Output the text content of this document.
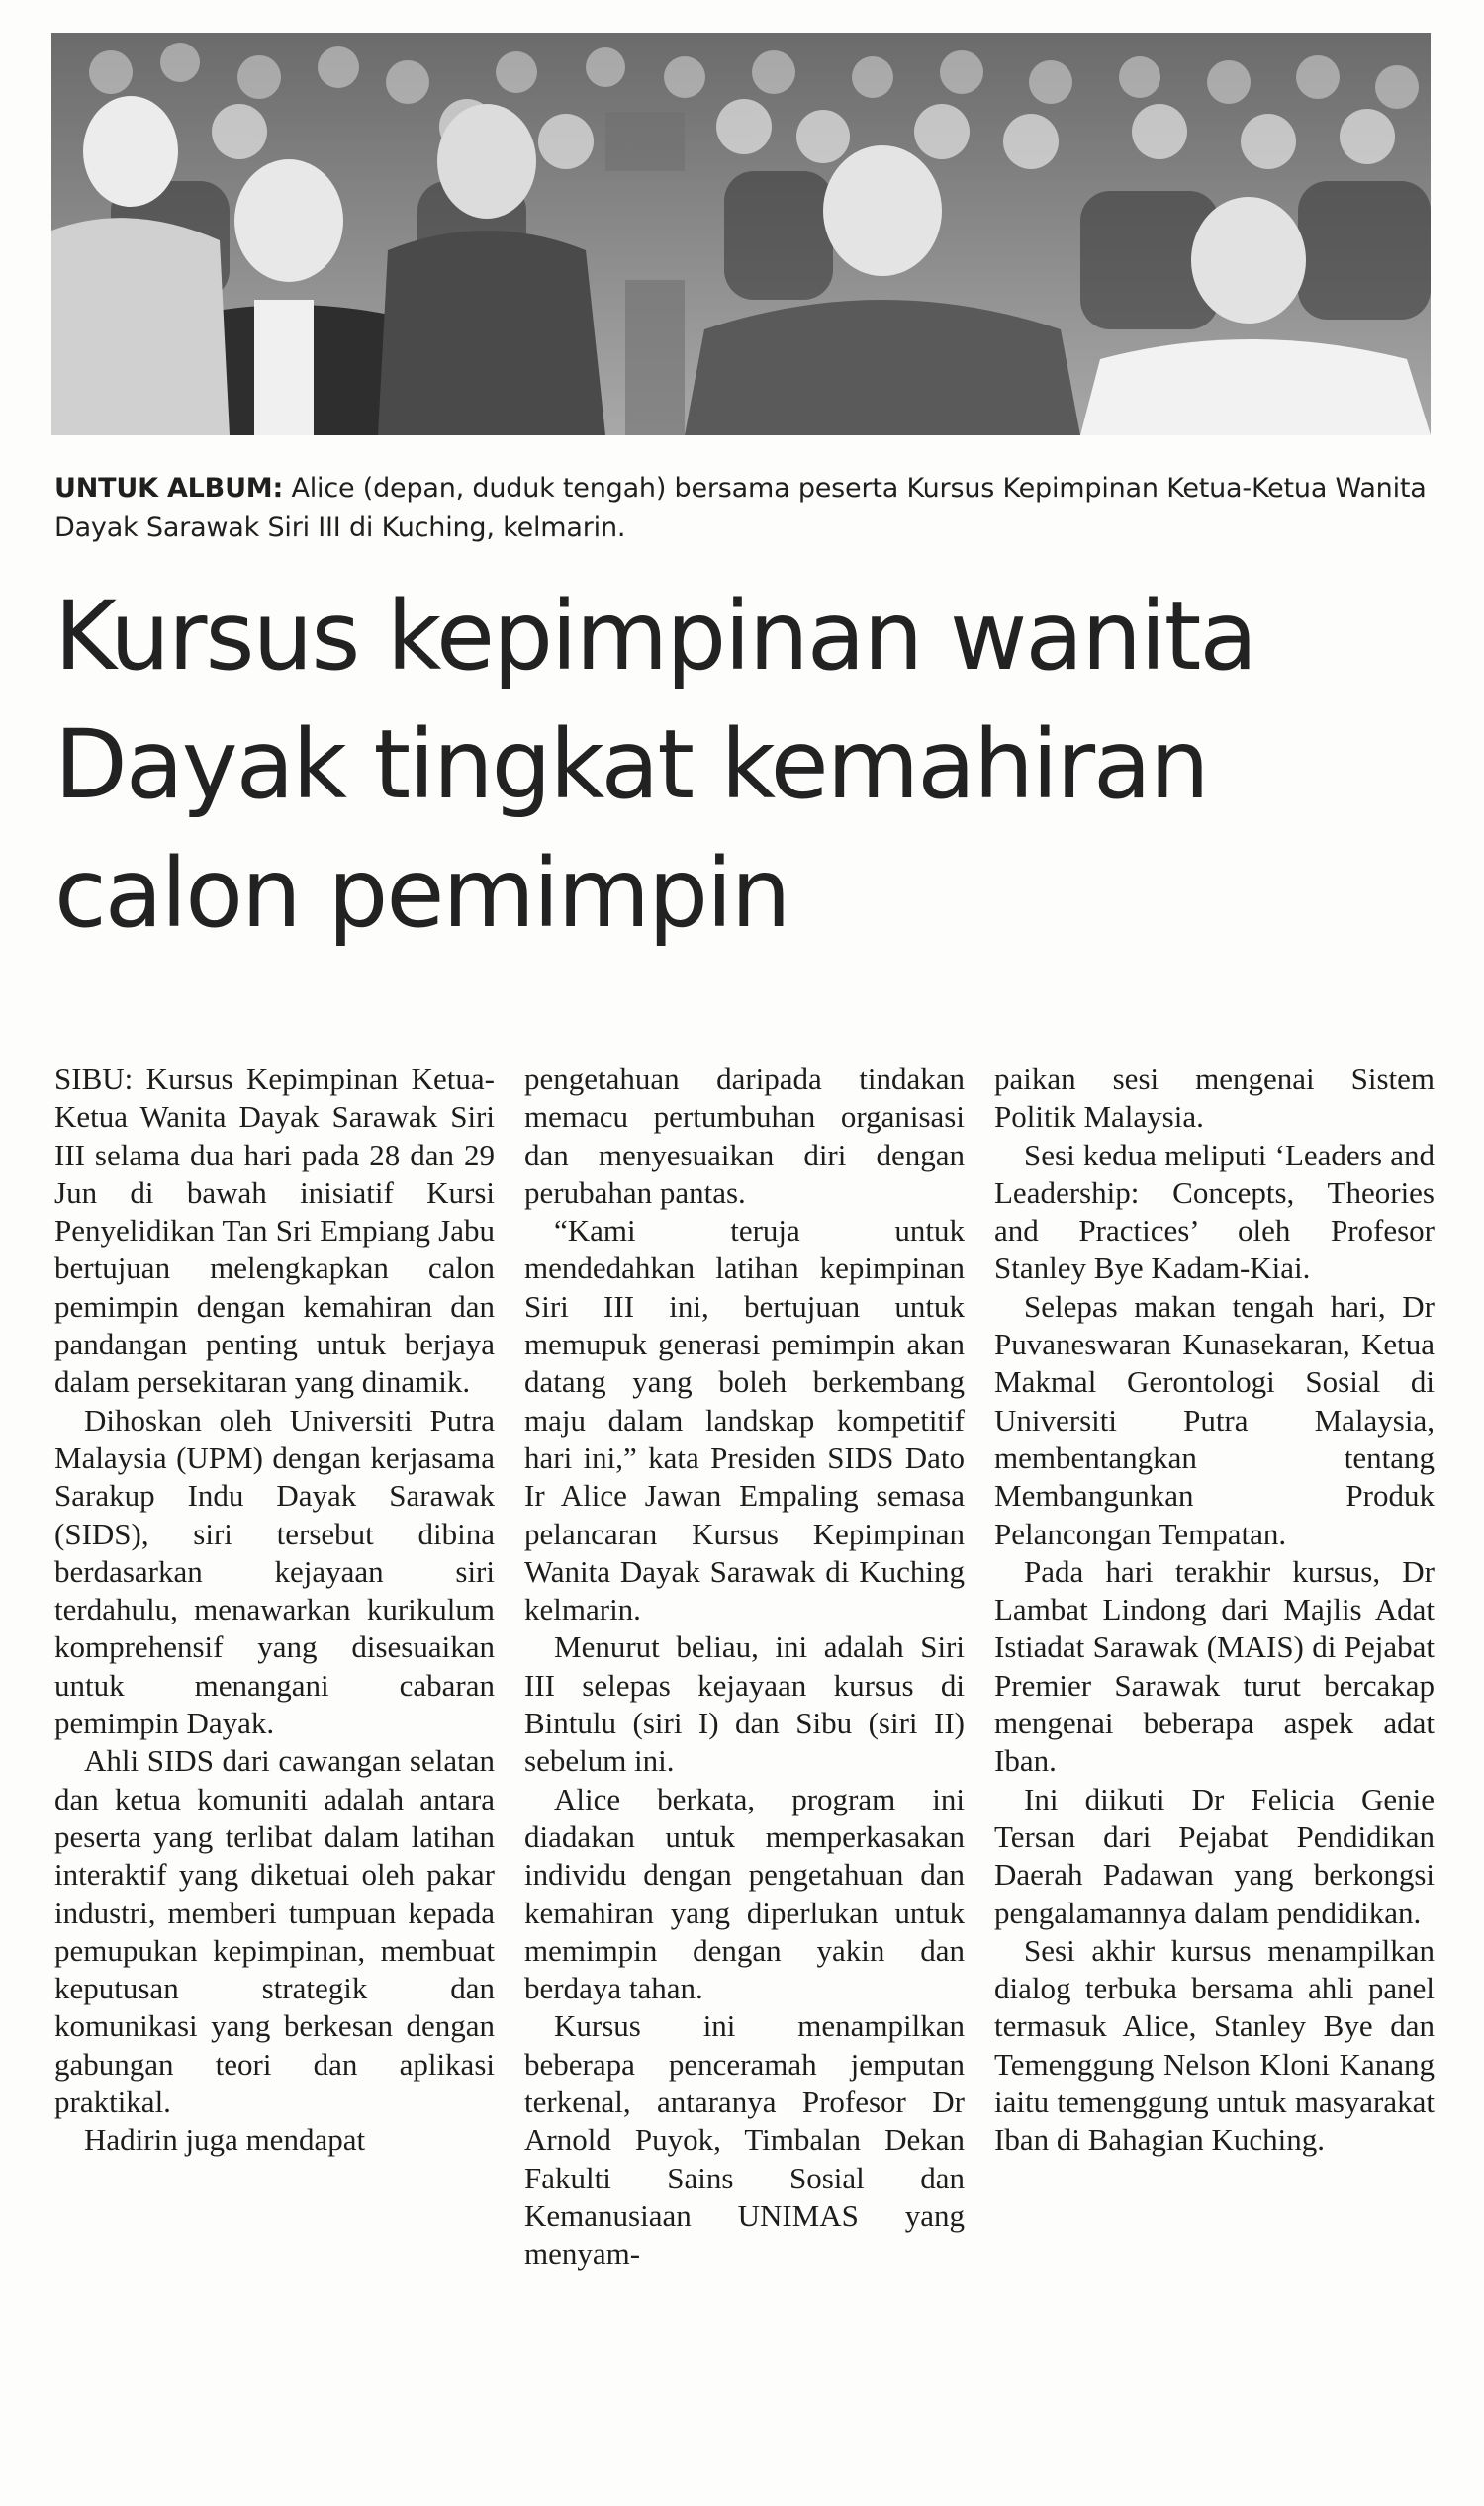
UNTUK ALBUM: Alice (depan, duduk tengah) bersama peserta Kursus Kepimpinan Ketua-Ketua Wanita Dayak Sarawak Siri III di Kuching, kelmarin.
Kursus kepimpinan wanita
Dayak tingkat kemahiran
calon pemimpin

SIBU: Kursus Kepimpinan Ketua-Ketua Wanita Dayak Sarawak Siri III selama dua hari pada 28 dan 29 Jun di bawah inisiatif Kursi Penyelidikan Tan Sri Empiang Jabu bertujuan melengkapkan calon pemimpin dengan kemahiran dan pandangan penting untuk berjaya dalam persekitaran yang dinamik.

Dihoskan oleh Universiti Putra Malaysia (UPM) dengan kerjasama Sarakup Indu Dayak Sarawak (SIDS), siri tersebut dibina berdasarkan kejayaan siri terdahulu, menawarkan kurikulum komprehensif yang disesuaikan untuk menangani cabaran pemimpin Dayak.

Ahli SIDS dari cawangan selatan dan ketua komuniti adalah antara peserta yang terlibat dalam latihan interaktif yang diketuai oleh pakar industri, memberi tumpuan kepada pemupukan kepimpinan, membuat keputusan strategik dan komunikasi yang berkesan dengan gabungan teori dan aplikasi praktikal.

Hadirin juga mendapat

pengetahuan daripada tindakan memacu pertumbuhan organisasi dan menyesuaikan diri dengan perubahan pantas.

“Kami teruja untuk mendedahkan latihan kepimpinan Siri III ini, bertujuan untuk memupuk generasi pemimpin akan datang yang boleh berkembang maju dalam landskap kompetitif hari ini,” kata Presiden SIDS Dato Ir Alice Jawan Empaling semasa pelancaran Kursus Kepimpinan Wanita Dayak Sarawak di Kuching kelmarin.

Menurut beliau, ini adalah Siri III selepas kejayaan kursus di Bintulu (siri I) dan Sibu (siri II) sebelum ini.

Alice berkata, program ini diadakan untuk memperkasakan individu dengan pengetahuan dan kemahiran yang diperlukan untuk memimpin dengan yakin dan berdaya tahan.

Kursus ini menampilkan beberapa penceramah jemputan terkenal, antaranya Profesor Dr Arnold Puyok, Timbalan Dekan Fakulti Sains Sosial dan Kemanusiaan UNIMAS yang menyam-

paikan sesi mengenai Sistem Politik Malaysia.

Sesi kedua meliputi ‘Leaders and Leadership: Concepts, Theories and Practices’ oleh Profesor Stanley Bye Kadam-Kiai.

Selepas makan tengah hari, Dr Puvaneswaran Kunasekaran, Ketua Makmal Gerontologi Sosial di Universiti Putra Malaysia, membentangkan tentang Membangunkan Produk Pelancongan Tempatan.

Pada hari terakhir kursus, Dr Lambat Lindong dari Majlis Adat Istiadat Sarawak (MAIS) di Pejabat Premier Sarawak turut bercakap mengenai beberapa aspek adat Iban.

Ini diikuti Dr Felicia Genie Tersan dari Pejabat Pendidikan Daerah Padawan yang berkongsi pengalamannya dalam pendidikan.

Sesi akhir kursus menampilkan dialog terbuka bersama ahli panel termasuk Alice, Stanley Bye dan Temenggung Nelson Kloni Kanang iaitu temenggung untuk masyarakat Iban di Bahagian Kuching.
